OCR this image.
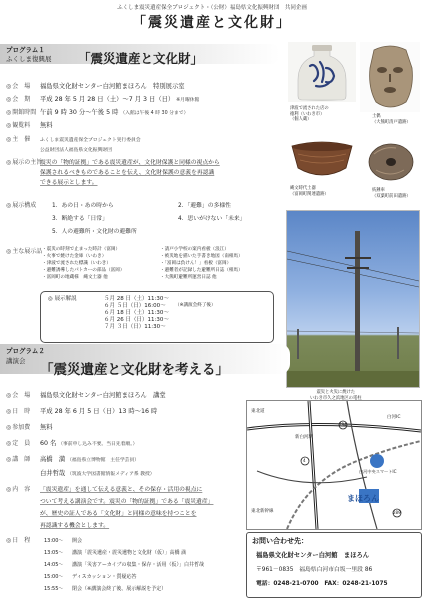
ふくしま震災遺産保全プロジェクト・（公財）福島県文化振興財団　共同企画
「震災遺産と文化財」
プログラム１
ふくしま復興展 「震災遺産と文化財」
◎会　場 福島県文化財センター白河館まほろん　特別展示室
◎会　期 平成 28 年 5 月 28 日（土）～7 月 3 日（日） ※月曜休館
◎開館時間 午前 9 時 30 分～午後 5 時 （入館は午後 4 時 30 分まで）
◎観覧料 無料
◎主　催 ふくしま震災遺産保全プロジェクト実行委員会
公益財団法人福島県文化振興財団
◎展示の主旨
震災の「物的証拠」である震災遺産が、文化財保護と同様の視点から
保護されるべきものであることを伝え、文化財保護の意義を再認識
できる展示とします。
◎展示構成	1．あの日・あの時から	2．「避難」の多様性
3．断絶する「日常」	4．思いがけない「未来」
5．人の避難所・文化財の避難所
◎主な展示品 ・震災の時刻で止まった時計（富岡）
・火事で焼けた金庫（いわき）
・津波で流された標識（いわき）
・避難誘導したパトカーの部品（富岡）
・富岡町の地蔵様　縄文土器 他
・請戸小学校の案内看板（浪江）
・被災地を描いた手書き地図（南相馬）
・「富岡は負けん！」看板（富岡）
・避難者が記録した避難所日誌（相馬）
・大熊町避難所運営日誌 他
◎ 展示解説	５月 28 日（土）11:30～
６月 ５日（日）16:00～ （※講演会終了後）
６月 18 日（土）11:30～
６月 26 日（日）11:30～
７月 ３日（日）11:30～
津波で流された店の
徳利（いわき市）
（個人蔵）
土偶
（大熊町清戸遺跡）
縄文時代土器
（富岡町関連遺跡）
紡錘車
（双葉町前田遺跡）
震災と火災に焼けた
いわき市久之浜地区の電柱
プログラム２
講演会
「震災遺産と文化財を考える」
◎会　場 福島県文化財センター白河館まほろん　講堂
◎日　時 平成 28 年 6 月 5 日（日）13 時～16 時
◎参加費 無料
◎定　員 60 名 （事前申し込み不要。当日先着順。）
◎講　師 高橋　満 （福島県立博物館　主任学芸員）
白井哲哉 （筑波大学図書館情報メディア系 教授）
◎内　容	「震災遺産」を通して伝える意義と、その保存・活用の視点に
ついて考える講演会です。震災の「物的証拠」である「震災遺産」
が、歴史の証人である「文化財」と同様の意味を持つことを
再認識する機会とします。
◎日　程	13:00～ 開会
13:05～ 講演「震災遺産・震災遺物と文化財（仮）」高橋 満
14:05～ 講演「災害アーカイブの収集・保存・活用（仮）」白井哲哉
15:00～ ディスカッション・質疑応答
15:55～ 閉会（※講演会終了後、展示解説を予定）
294
4
289
白河IC
白河中央スマートIC
東北道
東北新幹線
新白河駅
まほろん
お問い合わせ先：
福島県文化財センター白河館　まほろん
〒961－0835　福島県白河市白坂一里段 86
電話：0248-21-0700　FAX：0248-21-1075
